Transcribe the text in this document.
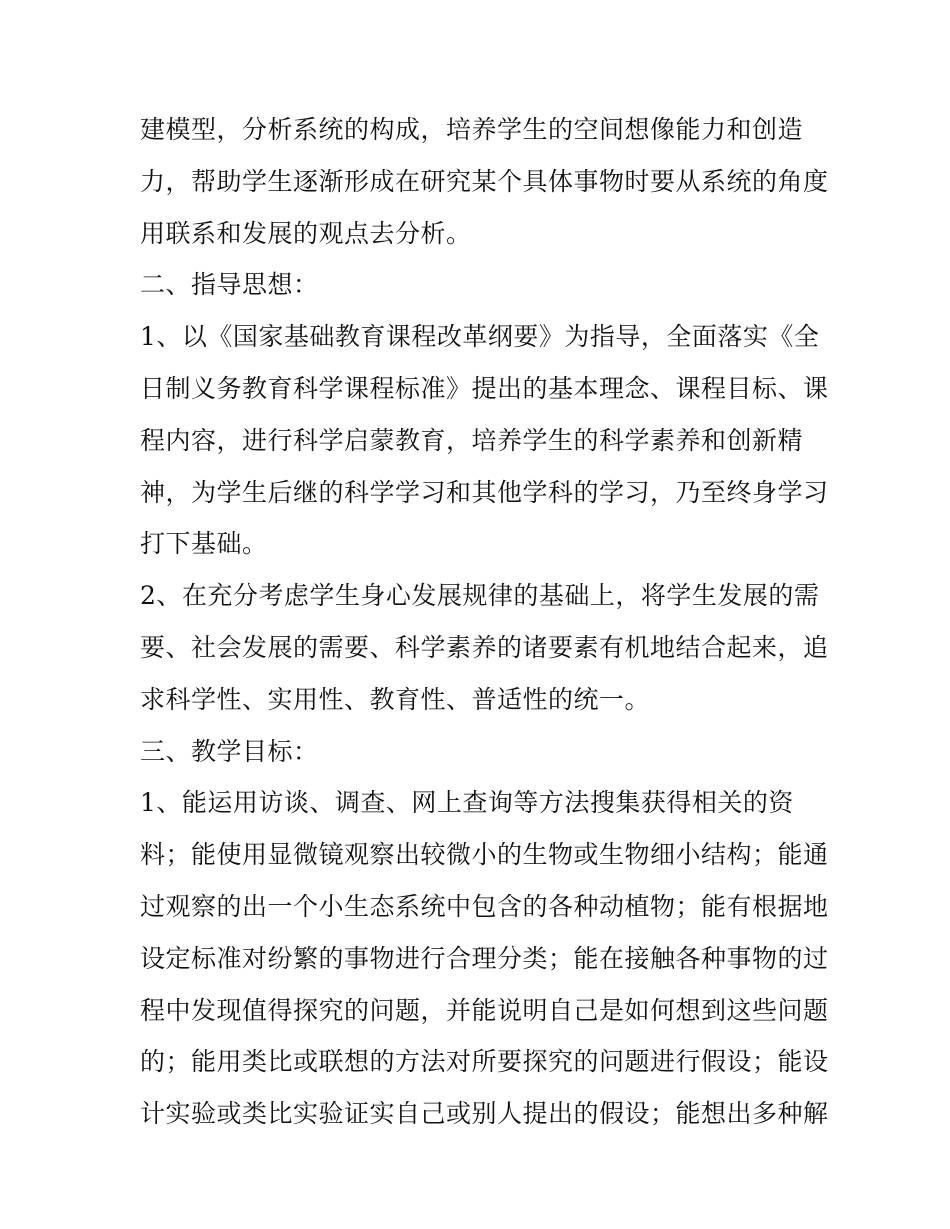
建模型，分析系统的构成，培养学生的空间想像能力和创造
力，帮助学生逐渐形成在研究某个具体事物时要从系统的角度
用联系和发展的观点去分析。
二、指导思想：
1、以《国家基础教育课程改革纲要》为指导，全面落实《全
日制义务教育科学课程标准》提出的基本理念、课程目标、课
程内容，进行科学启蒙教育，培养学生的科学素养和创新精
神，为学生后继的科学学习和其他学科的学习，乃至终身学习
打下基础。
2、在充分考虑学生身心发展规律的基础上，将学生发展的需
要、社会发展的需要、科学素养的诸要素有机地结合起来，追
求科学性、实用性、教育性、普适性的统一。
三、教学目标：
1、能运用访谈、调查、网上查询等方法搜集获得相关的资
料；能使用显微镜观察出较微小的生物或生物细小结构；能通
过观察的出一个小生态系统中包含的各种动植物；能有根据地
设定标准对纷繁的事物进行合理分类；能在接触各种事物的过
程中发现值得探究的问题，并能说明自己是如何想到这些问题
的；能用类比或联想的方法对所要探究的问题进行假设；能设
计实验或类比实验证实自己或别人提出的假设；能想出多种解
